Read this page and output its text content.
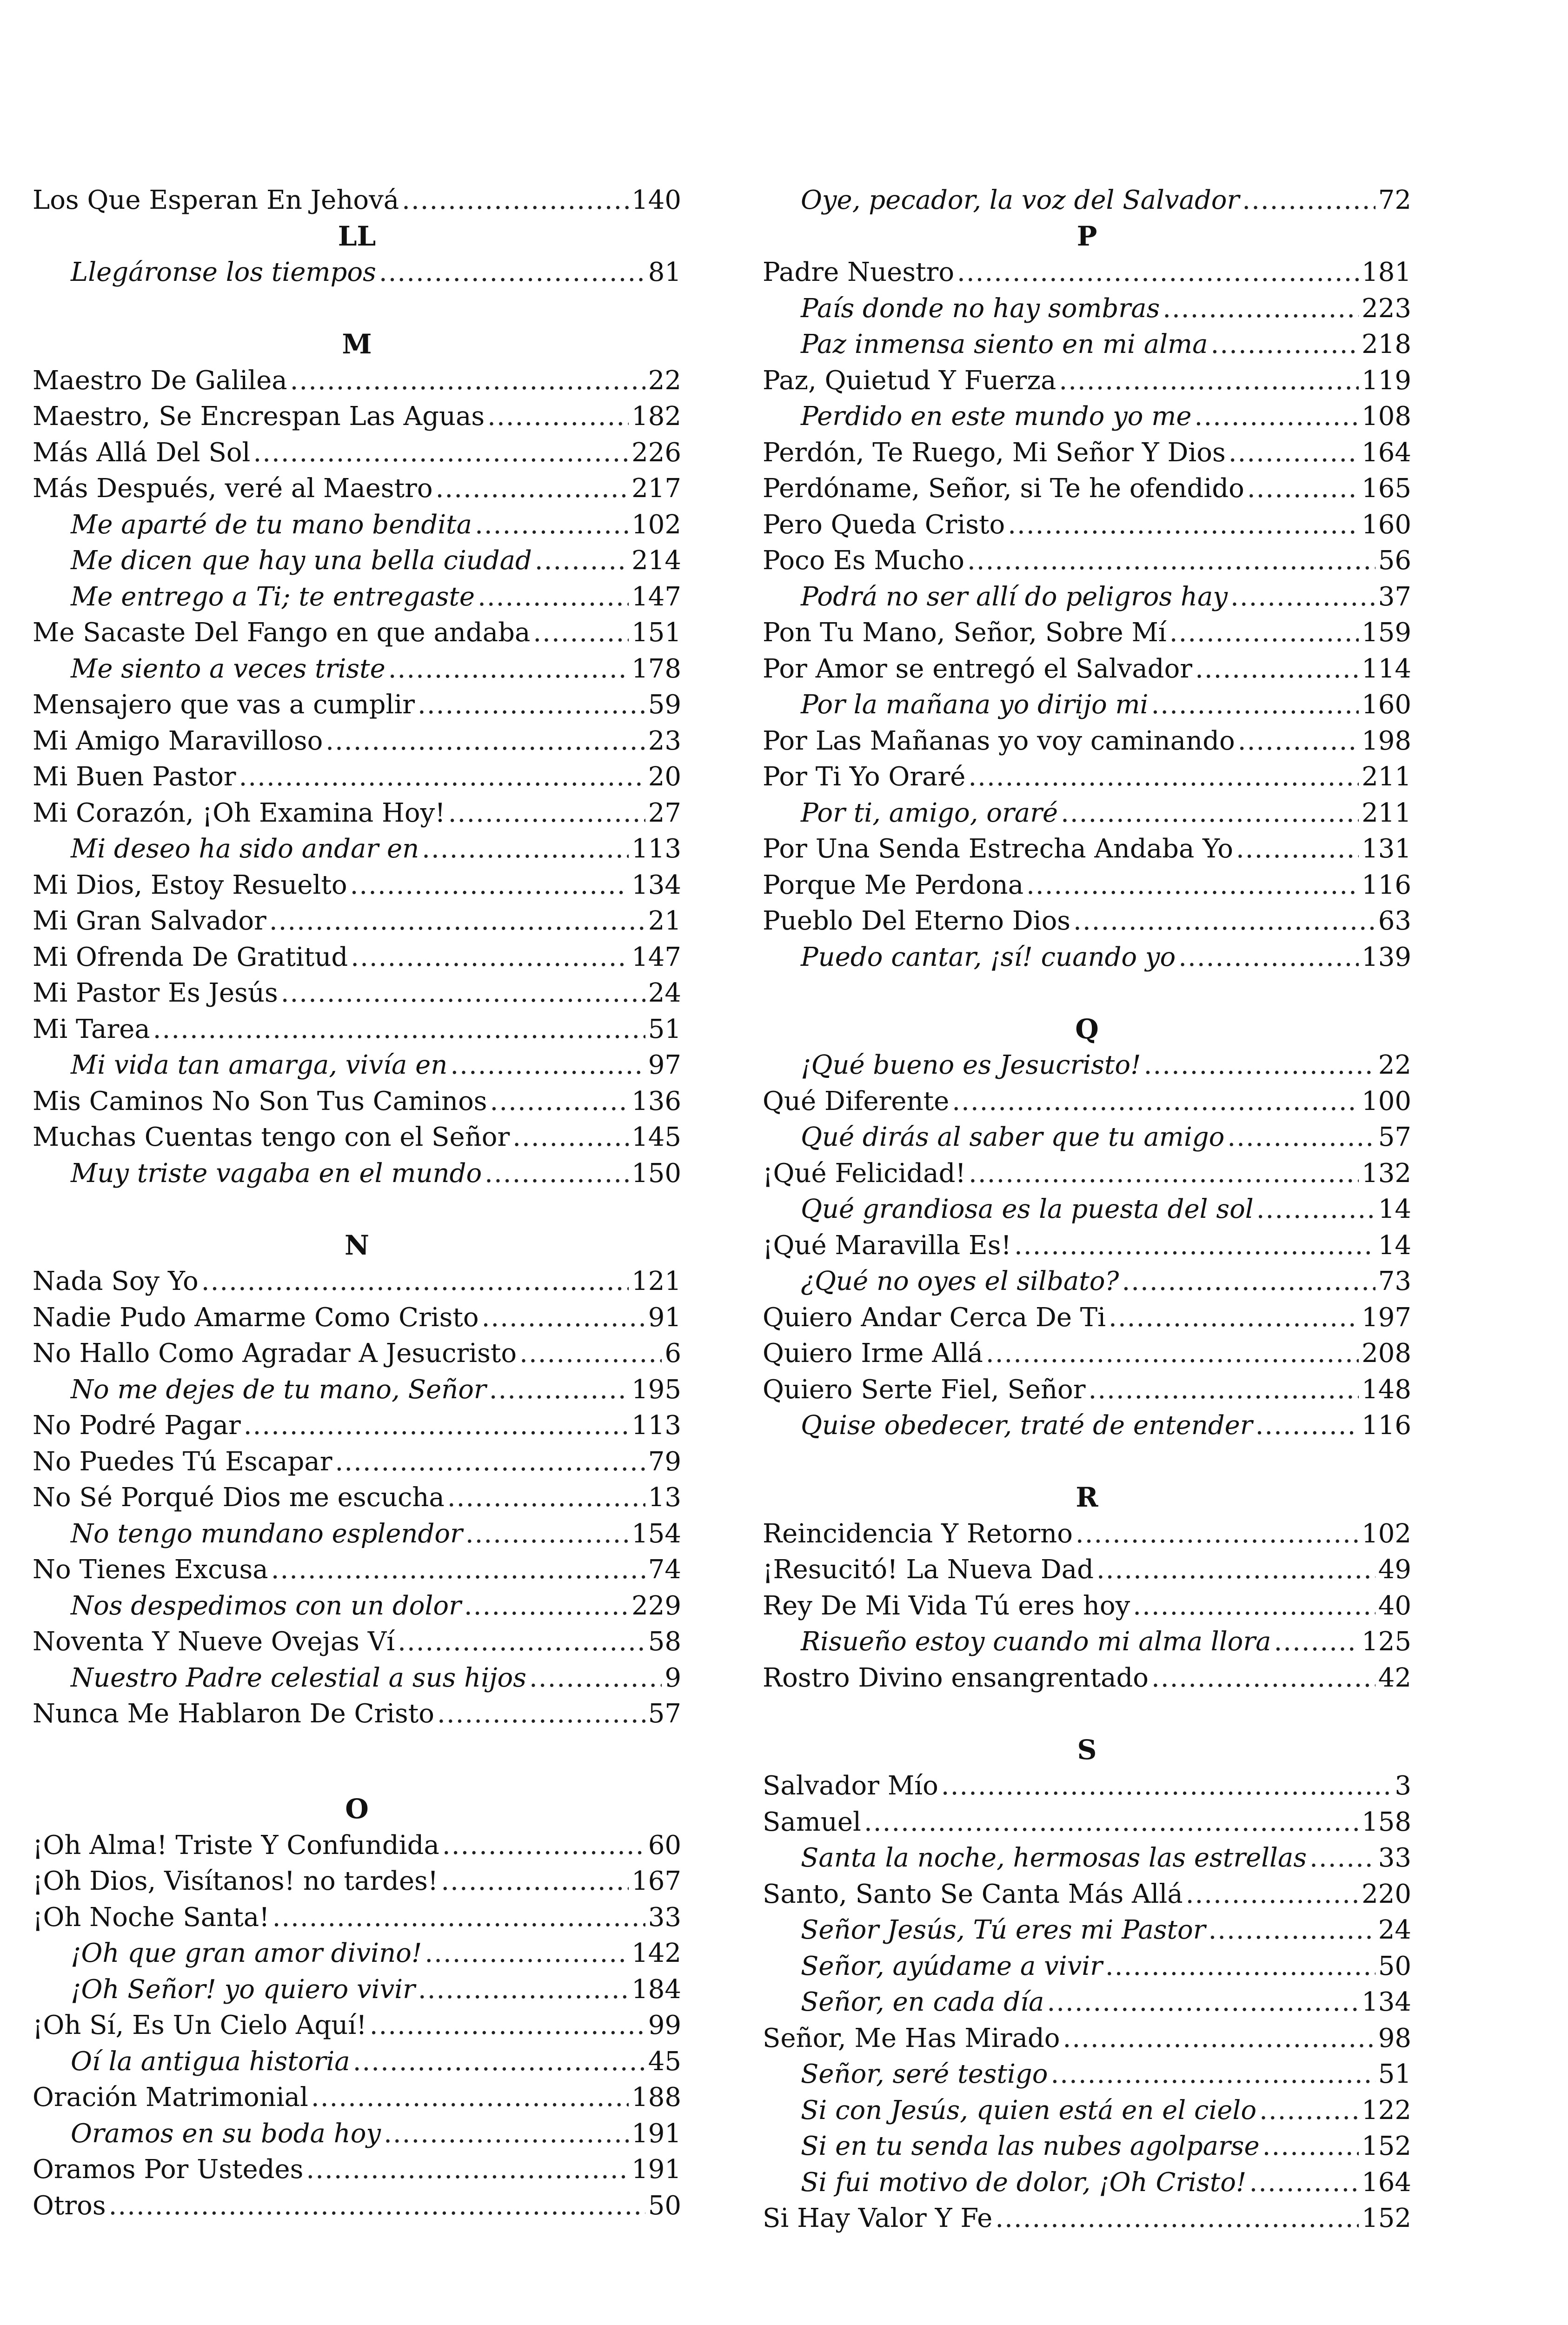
Los Que Esperan En Jehová .....	140
LL
Llegáronse los tiempos .....	81
M
Maestro De Galilea .....	22
Maestro, Se Encrespan Las Aguas .....	182
Más Allá Del Sol .....	226
Más Después, veré al Maestro .....	217
Me aparté de tu mano bendita .....	102
Me dicen que hay una bella ciudad .....	214
Me entrego a Ti; te entregaste .....	147
Me Sacaste Del Fango en que andaba .....	151
Me siento a veces triste .....	178
Mensajero que vas a cumplir .....	59
Mi Amigo Maravilloso .....	23
Mi Buen Pastor .....	20
Mi Corazón, ¡Oh Examina Hoy! .....	27
Mi deseo ha sido andar en .....	113
Mi Dios, Estoy Resuelto .....	134
Mi Gran Salvador .....	21
Mi Ofrenda De Gratitud .....	147
Mi Pastor Es Jesús .....	24
Mi Tarea .....	51
Mi vida tan amarga, vivía en .....	97
Mis Caminos No Son Tus Caminos .....	136
Muchas Cuentas tengo con el Señor .....	145
Muy triste vagaba en el mundo .....	150
N
Nada Soy Yo .....	121
Nadie Pudo Amarme Como Cristo .....	91
No Hallo Como Agradar A Jesucristo .....	6
No me dejes de tu mano, Señor .....	195
No Podré Pagar .....	113
No Puedes Tú Escapar .....	79
No Sé Porqué Dios me escucha .....	13
No tengo mundano esplendor .....	154
No Tienes Excusa .....	74
Nos despedimos con un dolor .....	229
Noventa Y Nueve Ovejas Ví .....	58
Nuestro Padre celestial a sus hijos .....	9
Nunca Me Hablaron De Cristo .....	57
O
¡Oh Alma! Triste Y Confundida .....	60
¡Oh Dios, Visítanos! no tardes! .....	167
¡Oh Noche Santa! .....	33
¡Oh que gran amor divino! .....	142
¡Oh Señor! yo quiero vivir .....	184
¡Oh Sí, Es Un Cielo Aquí! .....	99
Oí la antigua historia .....	45
Oración Matrimonial .....	188
Oramos en su boda hoy .....	191
Oramos Por Ustedes .....	191
Otros .....	50
Oye, pecador, la voz del Salvador .....	72
P
Padre Nuestro .....	181
País donde no hay sombras .....	223
Paz inmensa siento en mi alma .....	218
Paz, Quietud Y Fuerza .....	119
Perdido en este mundo yo me .....	108
Perdón, Te Ruego, Mi Señor Y Dios .....	164
Perdóname, Señor, si Te he ofendido .....	165
Pero Queda Cristo .....	160
Poco Es Mucho .....	56
Podrá no ser allí do peligros hay .....	37
Pon Tu Mano, Señor, Sobre Mí .....	159
Por Amor se entregó el Salvador .....	114
Por la mañana yo dirijo mi .....	160
Por Las Mañanas yo voy caminando .....	198
Por Ti Yo Oraré .....	211
Por ti, amigo, oraré .....	211
Por Una Senda Estrecha Andaba Yo .....	131
Porque Me Perdona .....	116
Pueblo Del Eterno Dios .....	63
Puedo cantar, ¡sí! cuando yo .....	139
Q
¡Qué bueno es Jesucristo! .....	22
Qué Diferente .....	100
Qué dirás al saber que tu amigo .....	57
¡Qué Felicidad! .....	132
Qué grandiosa es la puesta del sol .....	14
¡Qué Maravilla Es! .....	14
¿Qué no oyes el silbato? .....	73
Quiero Andar Cerca De Ti .....	197
Quiero Irme Allá .....	208
Quiero Serte Fiel, Señor .....	148
Quise obedecer, traté de entender .....	116
R
Reincidencia Y Retorno .....	102
¡Resucitó! La Nueva Dad .....	49
Rey De Mi Vida Tú eres hoy .....	40
Risueño estoy cuando mi alma llora .....	125
Rostro Divino ensangrentado .....	42
S
Salvador Mío .....	3
Samuel .....	158
Santa la noche, hermosas las estrellas .....	33
Santo, Santo Se Canta Más Allá .....	220
Señor Jesús, Tú eres mi Pastor .....	24
Señor, ayúdame a vivir .....	50
Señor, en cada día .....	134
Señor, Me Has Mirado .....	98
Señor, seré testigo .....	51
Si con Jesús, quien está en el cielo .....	122
Si en tu senda las nubes agolparse .....	152
Si fui motivo de dolor, ¡Oh Cristo! .....	164
Si Hay Valor Y Fe .....	152
